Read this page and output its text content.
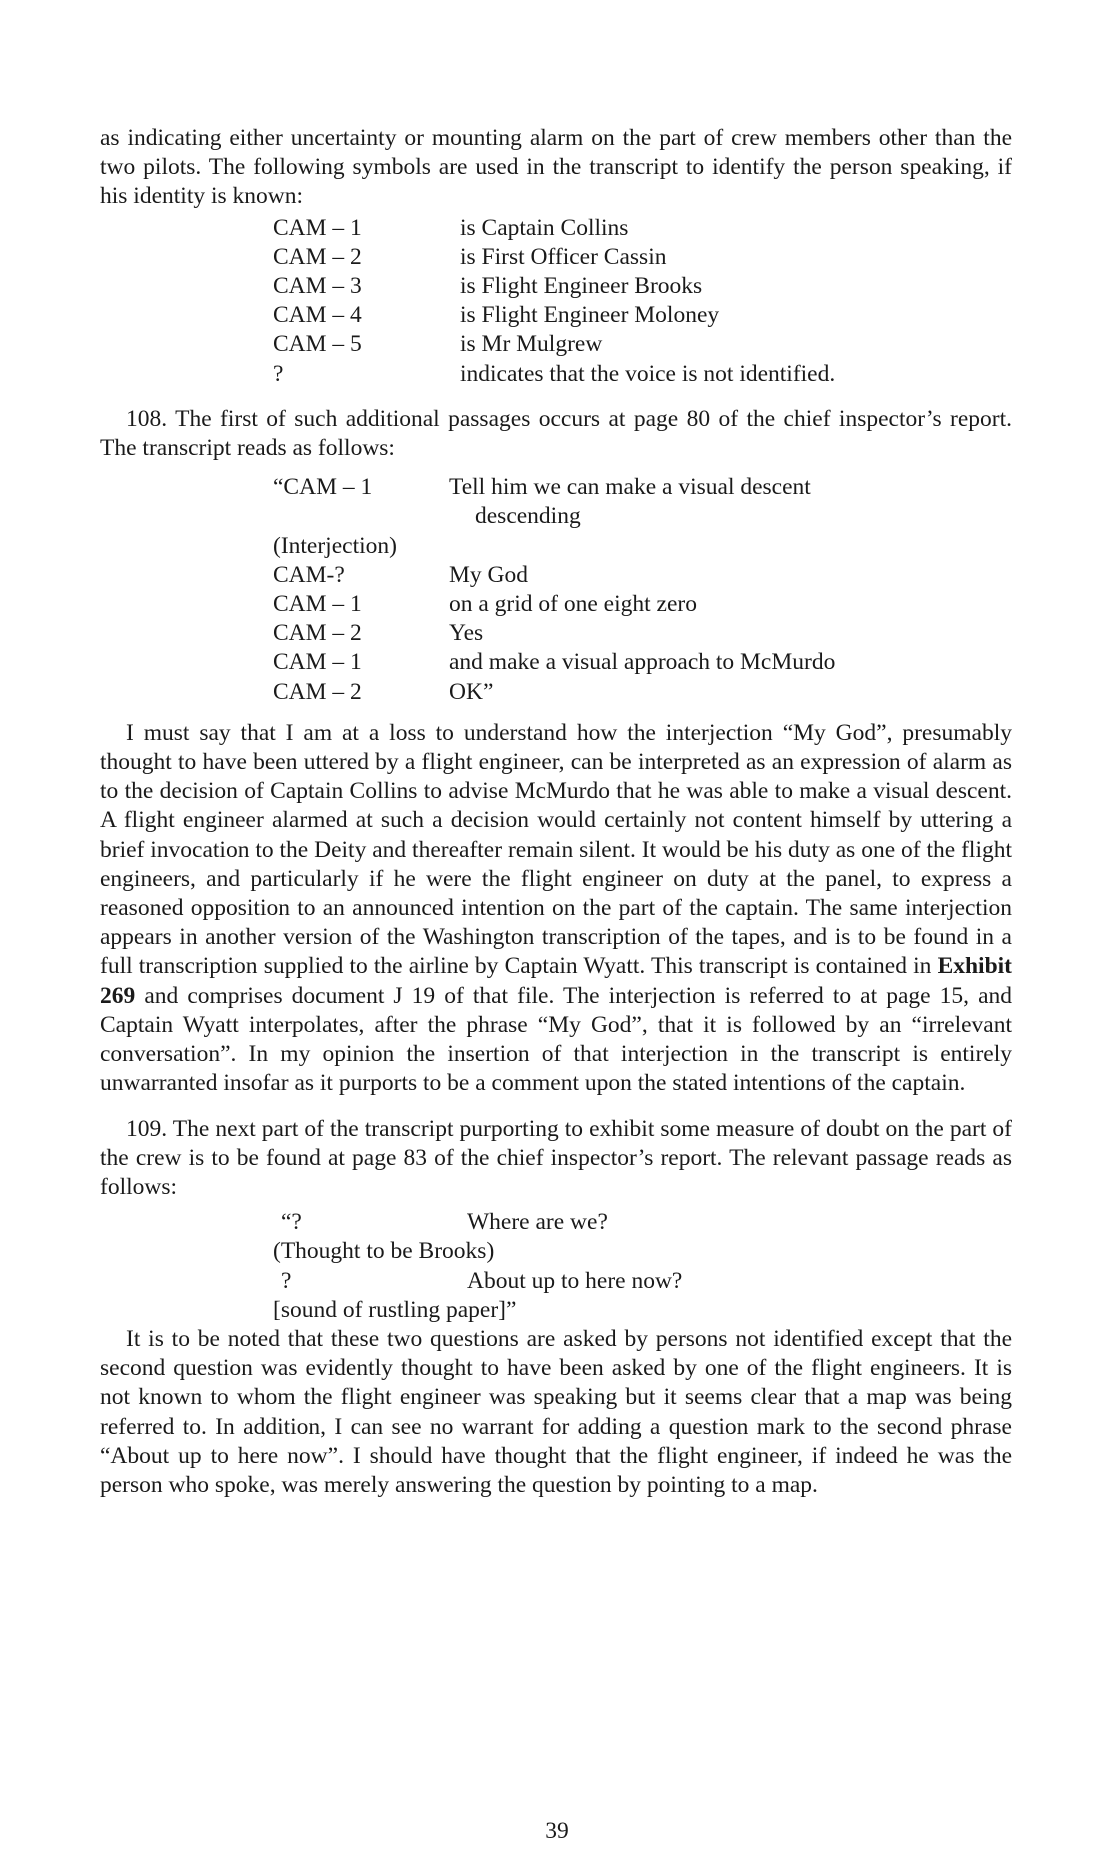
as indicating either uncertainty or mounting alarm on the part of crew members other than the two pilots. The following symbols are used in the transcript to identify the person speaking, if his identity is known:

CAM – 1	is Captain Collins
CAM – 2	is First Officer Cassin
CAM – 3	is Flight Engineer Brooks
CAM – 4	is Flight Engineer Moloney
CAM – 5	is Mr Mulgrew
?	indicates that the voice is not identified.

108. The first of such additional passages occurs at page 80 of the chief inspector’s report. The transcript reads as follows:

“CAM – 1	Tell him we can make a visual descent
descending
(Interjection)
CAM-?	My God
CAM – 1	on a grid of one eight zero
CAM – 2	Yes
CAM – 1	and make a visual approach to McMurdo
CAM – 2	OK”

I must say that I am at a loss to understand how the interjection “My God”, presumably thought to have been uttered by a flight engineer, can be interpreted as an expression of alarm as to the decision of Captain Collins to advise McMurdo that he was able to make a visual descent. A flight engineer alarmed at such a decision would certainly not content himself by uttering a brief invocation to the Deity and thereafter remain silent. It would be his duty as one of the flight engineers, and particularly if he were the flight engineer on duty at the panel, to express a reasoned opposition to an announced intention on the part of the captain. The same interjection appears in another version of the Washington transcription of the tapes, and is to be found in a full transcription supplied to the airline by Captain Wyatt. This transcript is contained in Exhibit 269 and comprises document J 19 of that file. The interjection is referred to at page 15, and Captain Wyatt interpolates, after the phrase “My God”, that it is followed by an “irrelevant conversation”. In my opinion the insertion of that interjection in the transcript is entirely unwarranted insofar as it purports to be a comment upon the stated intentions of the captain.

109. The next part of the transcript purporting to exhibit some measure of doubt on the part of the crew is to be found at page 83 of the chief inspector’s report. The relevant passage reads as follows:

“?	Where are we?
(Thought to be Brooks)
?	About up to here now?
[sound of rustling paper]”

It is to be noted that these two questions are asked by persons not identified except that the second question was evidently thought to have been asked by one of the flight engineers. It is not known to whom the flight engineer was speaking but it seems clear that a map was being referred to. In addition, I can see no warrant for adding a question mark to the second phrase “About up to here now”. I should have thought that the flight engineer, if indeed he was the person who spoke, was merely answering the question by pointing to a map.

39
